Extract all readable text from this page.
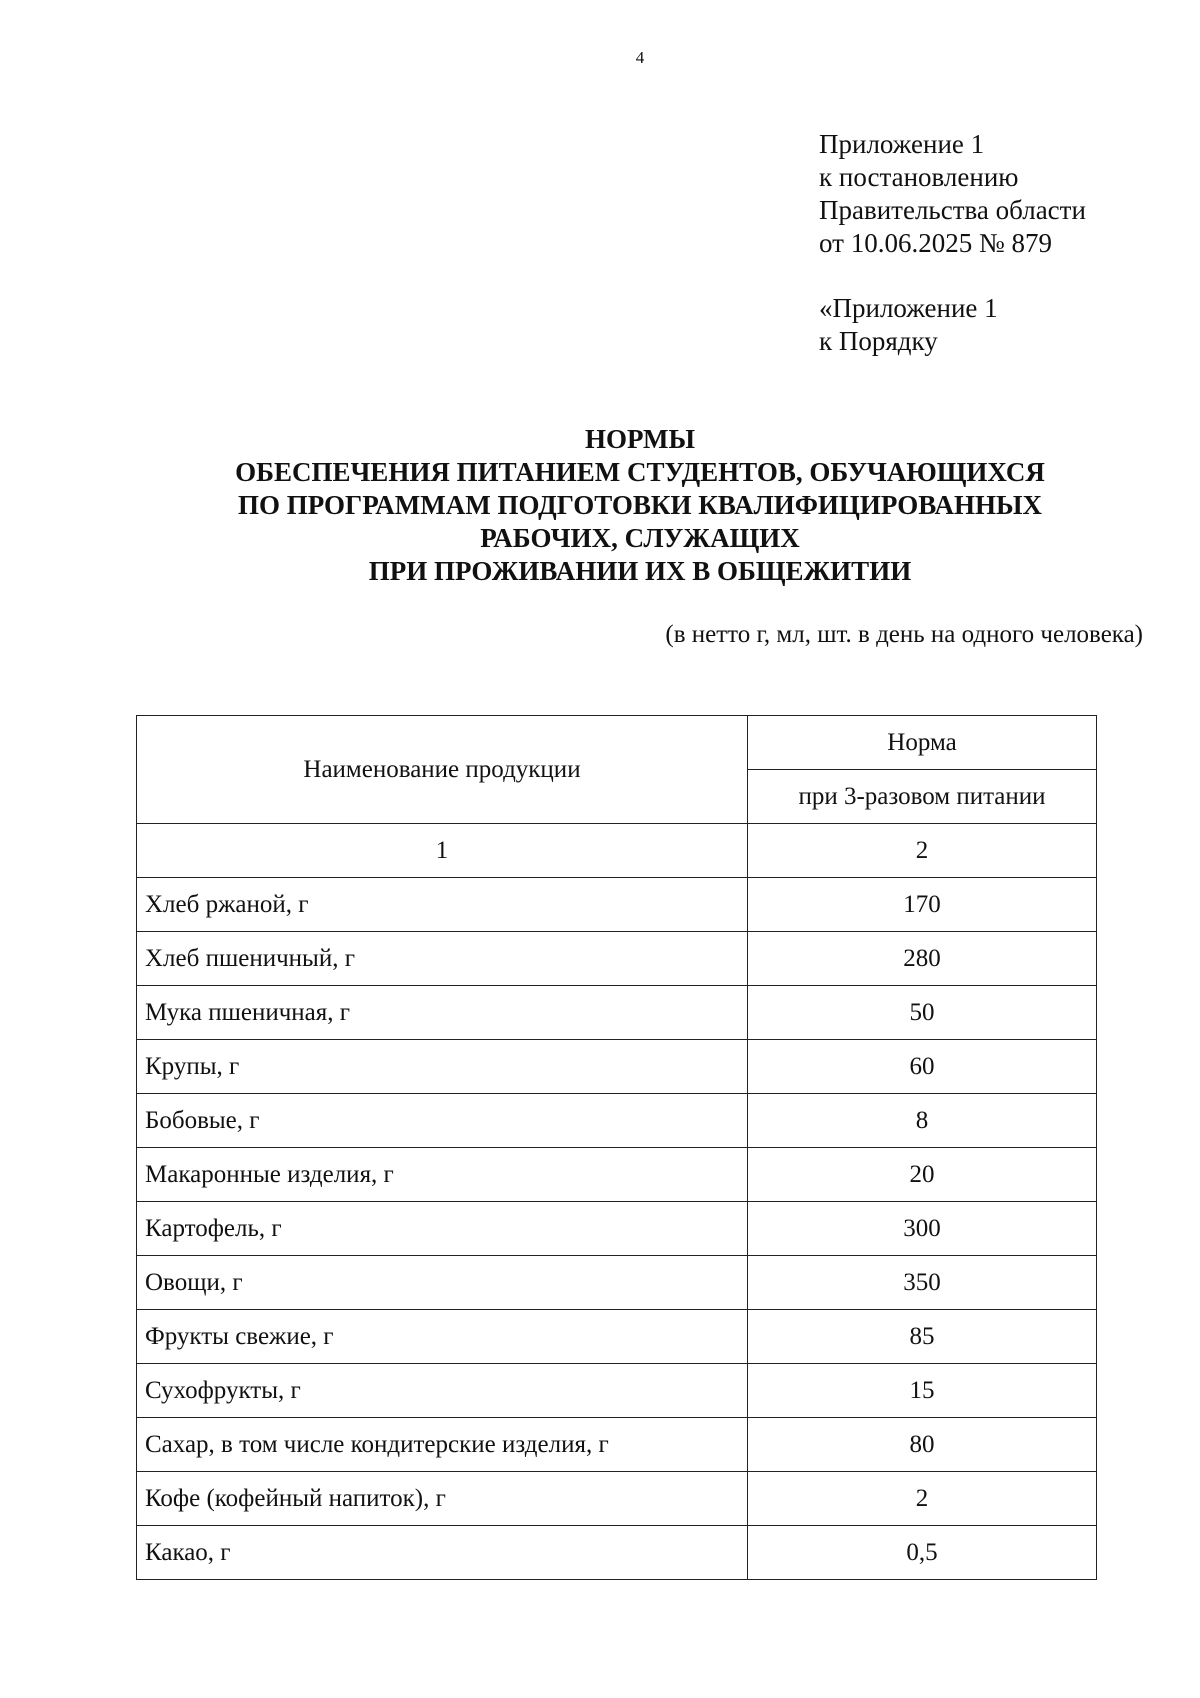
4
Приложение 1
к постановлению
Правительства области
от 10.06.2025 № 879
«Приложение 1
к Порядку
НОРМЫ
ОБЕСПЕЧЕНИЯ ПИТАНИЕМ СТУДЕНТОВ, ОБУЧАЮЩИХСЯ
ПО ПРОГРАММАМ ПОДГОТОВКИ КВАЛИФИЦИРОВАННЫХ
РАБОЧИХ, СЛУЖАЩИХ
ПРИ ПРОЖИВАНИИ ИХ В ОБЩЕЖИТИИ
(в нетто г, мл, шт. в день на одного человека)
Наименование продукции	Норма
	при 3-разовом питании
1	2
Хлеб ржаной, г	170
Хлеб пшеничный, г	280
Мука пшеничная, г	50
Крупы, г	60
Бобовые, г	8
Макаронные изделия, г	20
Картофель, г	300
Овощи, г	350
Фрукты свежие, г	85
Сухофрукты, г	15
Сахар, в том числе кондитерские изделия, г	80
Кофе (кофейный напиток), г	2
Какао, г	0,5
